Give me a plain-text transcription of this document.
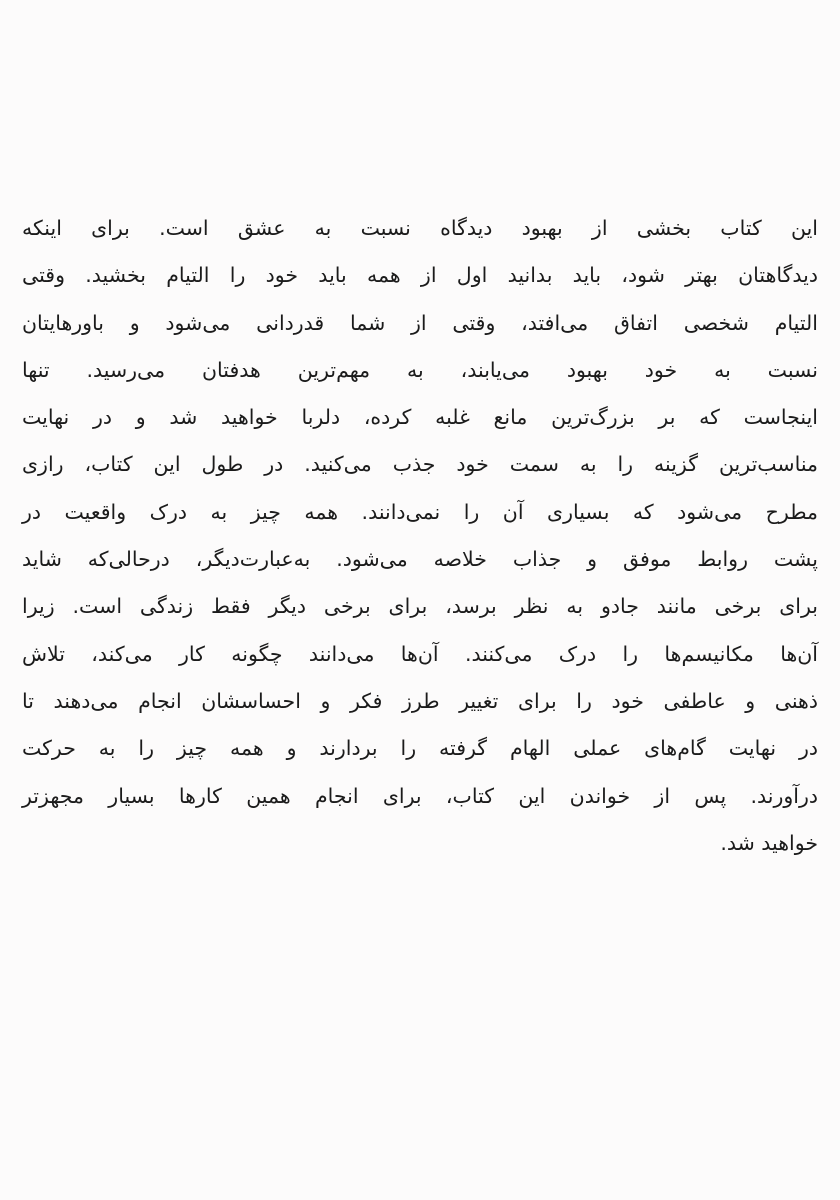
این کتاب بخشی از بهبود دیدگاه نسبت به عشق است. برای اینکه
دیدگاهتان بهتر شود، باید بدانید اول از همه باید خود را التیام بخشید. وقتی
التیام شخصی اتفاق می‌افتد، وقتی از شما قدردانی می‌شود و باورهایتان
نسبت به خود بهبود می‌یابند، به مهم‌ترین هدفتان می‌رسید. تنها
اینجاست که بر بزرگ‌ترین مانع غلبه کرده، دلربا خواهید شد و در نهایت
مناسب‌ترین گزینه را به سمت خود جذب می‌کنید. در طول این کتاب، رازی
مطرح می‌شود که بسیاری آن را نمی‌دانند. همه چیز به درک واقعیت در
پشت روابط موفق و جذاب خلاصه می‌شود. به‌عبارت‌دیگر، درحالی‌که شاید
برای برخی مانند جادو به نظر برسد، برای برخی دیگر فقط زندگی است. زیرا
آن‌ها مکانیسم‌ها را درک می‌کنند. آن‌ها می‌دانند چگونه کار می‌کند، تلاش
ذهنی و عاطفی خود را برای تغییر طرز فکر و احساسشان انجام می‌دهند تا
در نهایت گام‌های عملی الهام گرفته را بردارند و همه چیز را به حرکت
درآورند. پس از خواندن این کتاب، برای انجام همین کارها بسیار مجهزتر
خواهید شد.
